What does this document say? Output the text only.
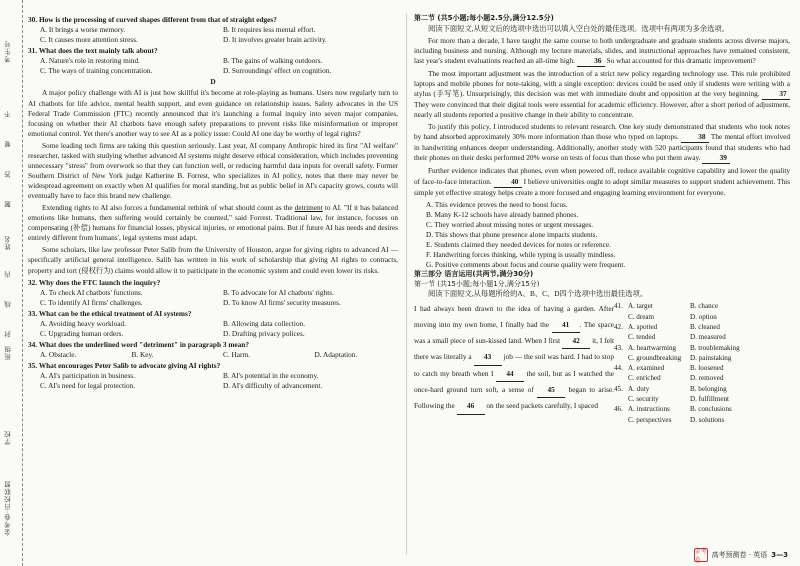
考生号
不
要
答
题
姓名
内
线
封
班级
学校
金考卷·百校联盟
30. How is the processing of curved shapes different from that of straight edges?
A. It brings a worse memory.	B. It requires less mental effort.
C. It causes more attention stress.	D. It involves greater brain activity.
31. What does the text mainly talk about?
A. Nature's role in restoring mind.	B. The gains of walking outdoors.
C. The ways of training concentration.	D. Surroundings' effect on cognition.
D

A major policy challenge with AI is just how skillful it's become at role-playing as humans. Users now regularly turn to AI chatbots for life advice, mental health support, and even guidance on relationship issues. Safety advocates in the US Federal Trade Commission (FTC) recently announced that it's launching a formal inquiry into seven major companies, focusing on whether their AI chatbots have enough safety preparations to prevent risks like misinformation or improper emotional control. Yet there's another way to see AI as a policy issue: Could AI one day be worthy of legal rights?

Some leading tech firms are taking this question seriously. Last year, AI company Anthropic hired its first "AI welfare" researcher, tasked with studying whether advanced AI systems might deserve ethical consideration, which includes preventing unnecessary "stress" from overwork so that they can function well, or reducing harmful data inputs for overall safety. Former Southern District of New York judge Katherine B. Forrest, who specializes in AI policy, notes that there may never be widespread agreement on exactly when AI qualifies for moral standing, but as public belief in AI's capacity grows, courts will eventually have to face this brand new challenge.

Extending rights to AI also forces a fundamental rethink of what should count as the detriment to AI. "If it has balanced emotions like humans, then suffering would certainly be counted," said Forrest. Traditional law, for instance, focuses on compensating (补偿) humans for financial losses, physical injuries, or emotional pains. But if future AI has needs and desires entirely different from humans', legal systems must adapt.

Some scholars, like law professor Peter Salib from the University of Houston, argue for giving rights to advanced AI — specifically artificial general intelligence. Salib has written in his work of scholarship that giving AI rights to contracts, property and tort (侵权行为) claims would allow it to participate in the economic system and could even lower its risks.

32. Why does the FTC launch the inquiry?
A. To check AI chatbots' functions.	B. To advocate for AI chatbots' rights.
C. To identify AI firms' challenges.	D. To know AI firms' security measures.
33. What can be the ethical treatment of AI systems?
A. Avoiding heavy workload.	B. Allowing data collection.
C. Upgrading human orders.	D. Drafting privacy polices.
34. What does the underlined word "detriment" in paragraph 3 mean?
A. Obstacle.	B. Key.	C. Harm.	D. Adaptation.
35. What encourages Peter Salib to advocate giving AI rights?
A. AI's participation in business.	B. AI's potential in the economy.
C. AI's need for legal protection.	D. AI's difficulty of advancement.
第二节 (共5小题;每小题2.5分,满分12.5分)

阅读下面短文,从短文后的选项中选出可以填入空白处的最佳选项。选项中有两项为多余选项。

For more than a decade, I have taught the same course to both undergraduate and graduate students across diverse majors, including business and nursing. Although my lecture materials, slides, and instructional approaches have remained consistent, last year's student evaluations reached an all-time high.	36 So what accounted for this dramatic improvement?

The most important adjustment was the introduction of a strict new policy regarding technology use. This rule prohibited laptops and mobile phones for note-taking, with a single exception: devices could be used only if students were writing with a stylus (手写笔). Unsurprisingly, this decision was met with immediate doubt and opposition at the very beginning.	37 They were convinced that their digital tools were essential for academic efficiency. However, after a short period of adjustment, nearly all students reported a positive change in their ability to concentrate.

To justify this policy, I introduced students to relevant research. One key study demonstrated that students who took notes by hand absorbed approximately 30% more information than those who typed on laptops.	38 The mental effort involved in handwriting enhances deeper understanding. Additionally, another study with 520 participants found that students who had their phones on their desks performed 20% worse on tests of focus than those who put them away.	39

Further evidence indicates that phones, even when powered off, reduce available cognitive capability and lower the quality of face-to-face interaction.	40 I believe universities ought to adopt similar measures to support student achievement. This simple yet effective strategy helps create a more focused and engaging learning environment for everyone.

A. This evidence proves the need to boost focus.
B. Many K-12 schools have already banned phones.
C. They worried about missing notes or urgent messages.
D. This shows that phone presence alone impacts students.
E. Students claimed they needed devices for notes or reference.
F. Handwriting forces thinking, while typing is usually mindless.
G. Positive comments about focus and course quality were frequent.
第三部分 语言运用(共两节,满分30分)
第一节 (共15小题;每小题1分,满分15分)

阅读下面短文,从每题所给的A、B、C、D四个选项中选出最佳选项。

I had always been drawn to the idea of having a garden. After moving into my own home, I finally had the 41 . The space was a small piece of sun-kissed land. When I first 42 it, I felt there was literally a 43 job — the soil was hard. I had to stop to catch my breath when I 44 the soil, but as I watched the once-hard ground turn soft, a sense of 45 began to arise. Following the 46 on the seed packets carefully, I spaced

41. A. target	B. chance
C. dream	D. option
42. A. spotted	B. cleaned
C. tended	D. measured
43. A. heartwarming	B. troublemaking
C. groundbreaking	D. painstaking
44. A. examined	B. loosened
C. enriched	D. removed
45. A. duty	B. belonging
C. security	D. fulfillment
46. A. instructions	B. conclusions
C. perspectives	D. solutions
金考卷
高考预测卷 · 英语 3—3
